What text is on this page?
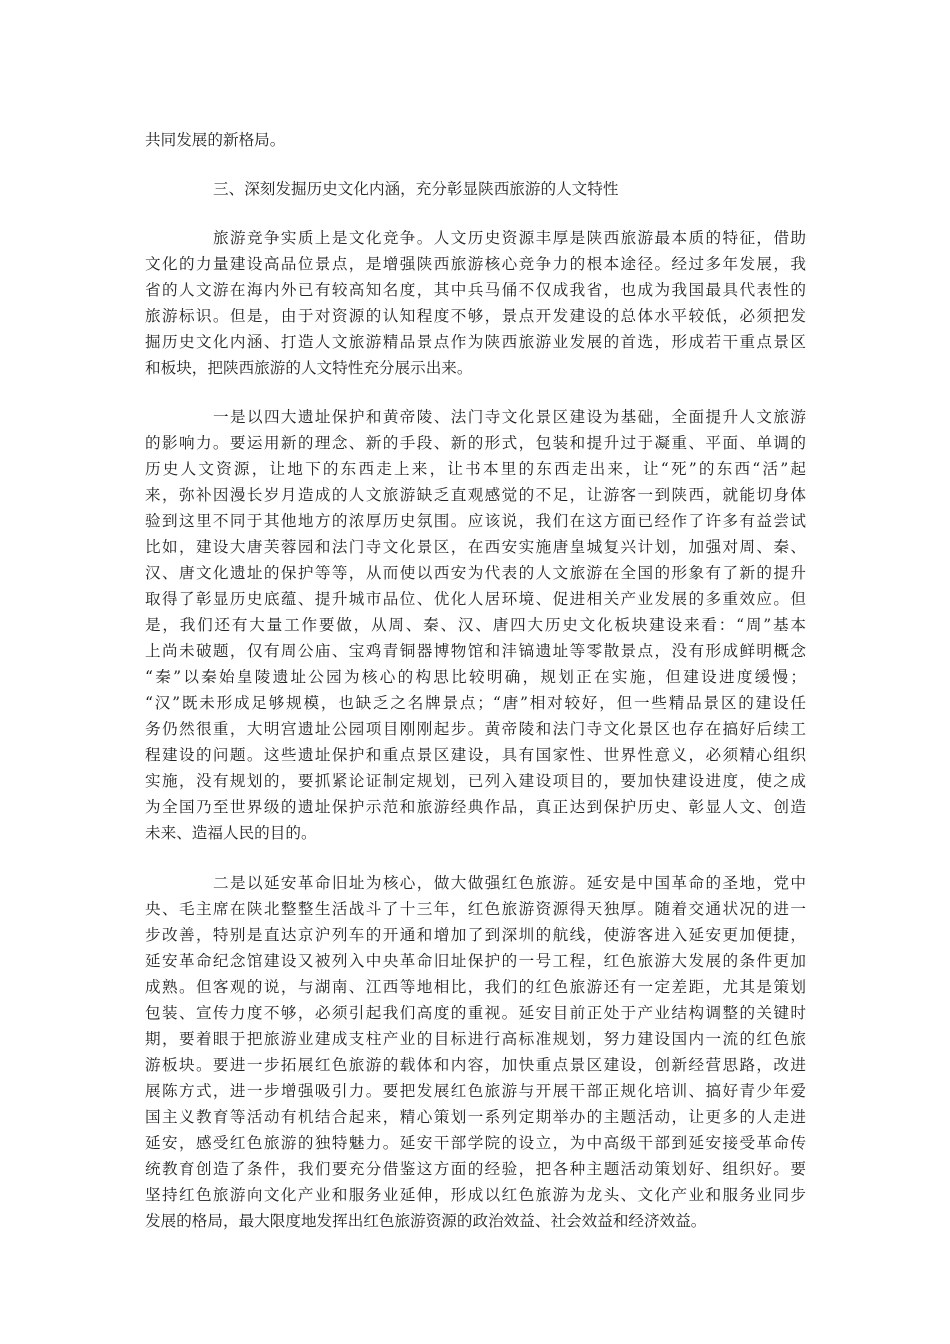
共同发展的新格局。
三、深刻发掘历史文化内涵，充分彰显陕西旅游的人文特性
旅游竞争实质上是文化竞争。人文历史资源丰厚是陕西旅游最本质的特征，借助
文化的力量建设高品位景点，是增强陕西旅游核心竞争力的根本途径。经过多年发展，我
省的人文游在海内外已有较高知名度，其中兵马俑不仅成我省，也成为我国最具代表性的
旅游标识。但是，由于对资源的认知程度不够，景点开发建设的总体水平较低，必须把发
掘历史文化内涵、打造人文旅游精品景点作为陕西旅游业发展的首选，形成若干重点景区
和板块，把陕西旅游的人文特性充分展示出来。
一是以四大遗址保护和黄帝陵、法门寺文化景区建设为基础，全面提升人文旅游
的影响力。要运用新的理念、新的手段、新的形式，包装和提升过于凝重、平面、单调的
历史人文资源，让地下的东西走上来，让书本里的东西走出来，让“死”的东西“活”起
来，弥补因漫长岁月造成的人文旅游缺乏直观感觉的不足，让游客一到陕西，就能切身体
验到这里不同于其他地方的浓厚历史氛围。应该说，我们在这方面已经作了许多有益尝试
比如，建设大唐芙蓉园和法门寺文化景区，在西安实施唐皇城复兴计划，加强对周、秦、
汉、唐文化遗址的保护等等，从而使以西安为代表的人文旅游在全国的形象有了新的提升
取得了彰显历史底蕴、提升城市品位、优化人居环境、促进相关产业发展的多重效应。但
是，我们还有大量工作要做，从周、秦、汉、唐四大历史文化板块建设来看：“周”基本
上尚未破题，仅有周公庙、宝鸡青铜器博物馆和沣镐遗址等零散景点，没有形成鲜明概念
“秦”以秦始皇陵遗址公园为核心的构思比较明确，规划正在实施，但建设进度缓慢；
“汉”既未形成足够规模，也缺乏之名牌景点；“唐”相对较好，但一些精品景区的建设任
务仍然很重，大明宫遗址公园项目刚刚起步。黄帝陵和法门寺文化景区也存在搞好后续工
程建设的问题。这些遗址保护和重点景区建设，具有国家性、世界性意义，必须精心组织
实施，没有规划的，要抓紧论证制定规划，已列入建设项目的，要加快建设进度，使之成
为全国乃至世界级的遗址保护示范和旅游经典作品，真正达到保护历史、彰显人文、创造
未来、造福人民的目的。
二是以延安革命旧址为核心，做大做强红色旅游。延安是中国革命的圣地，党中
央、毛主席在陕北整整生活战斗了十三年，红色旅游资源得天独厚。随着交通状况的进一
步改善，特别是直达京沪列车的开通和增加了到深圳的航线，使游客进入延安更加便捷，
延安革命纪念馆建设又被列入中央革命旧址保护的一号工程，红色旅游大发展的条件更加
成熟。但客观的说，与湖南、江西等地相比，我们的红色旅游还有一定差距，尤其是策划
包装、宣传力度不够，必须引起我们高度的重视。延安目前正处于产业结构调整的关键时
期，要着眼于把旅游业建成支柱产业的目标进行高标准规划，努力建设国内一流的红色旅
游板块。要进一步拓展红色旅游的载体和内容，加快重点景区建设，创新经营思路，改进
展陈方式，进一步增强吸引力。要把发展红色旅游与开展干部正规化培训、搞好青少年爱
国主义教育等活动有机结合起来，精心策划一系列定期举办的主题活动，让更多的人走进
延安，感受红色旅游的独特魅力。延安干部学院的设立，为中高级干部到延安接受革命传
统教育创造了条件，我们要充分借鉴这方面的经验，把各种主题活动策划好、组织好。要
坚持红色旅游向文化产业和服务业延伸，形成以红色旅游为龙头、文化产业和服务业同步
发展的格局，最大限度地发挥出红色旅游资源的政治效益、社会效益和经济效益。
